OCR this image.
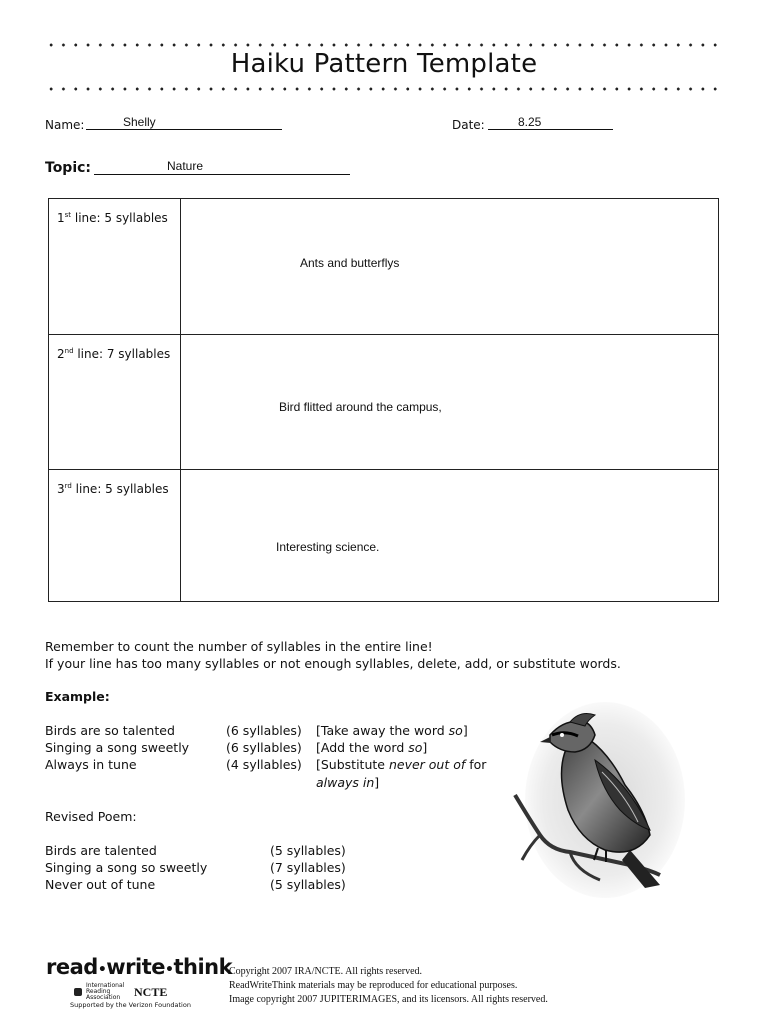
Haiku Pattern Template
Name:	Shelly	Date:	8.25
Topic:	Nature
1st line: 5 syllables
Ants and butterflys
2nd line: 7 syllables
Bird flitted around the campus,
3rd line: 5 syllables
Interesting science.
Remember to count the number of syllables in the entire line!
If your line has too many syllables or not enough syllables, delete, add, or substitute words.
Example:
Birds are so talented	(6 syllables) [Take away the word so]
Singing a song sweetly	(6 syllables) [Add the word so]
Always in tune	(4 syllables) [Substitute never out of for
always in]
Revised Poem:
Birds are talented	(5 syllables)
Singing a song so sweetly	(7 syllables)
Never out of tune	(5 syllables)
read•write•think
International Reading Association	NCTE
Supported by the Verizon Foundation
Copyright 2007 IRA/NCTE. All rights reserved.
ReadWriteThink materials may be reproduced for educational purposes.
Image copyright 2007 JUPITERIMAGES, and its licensors. All rights reserved.
